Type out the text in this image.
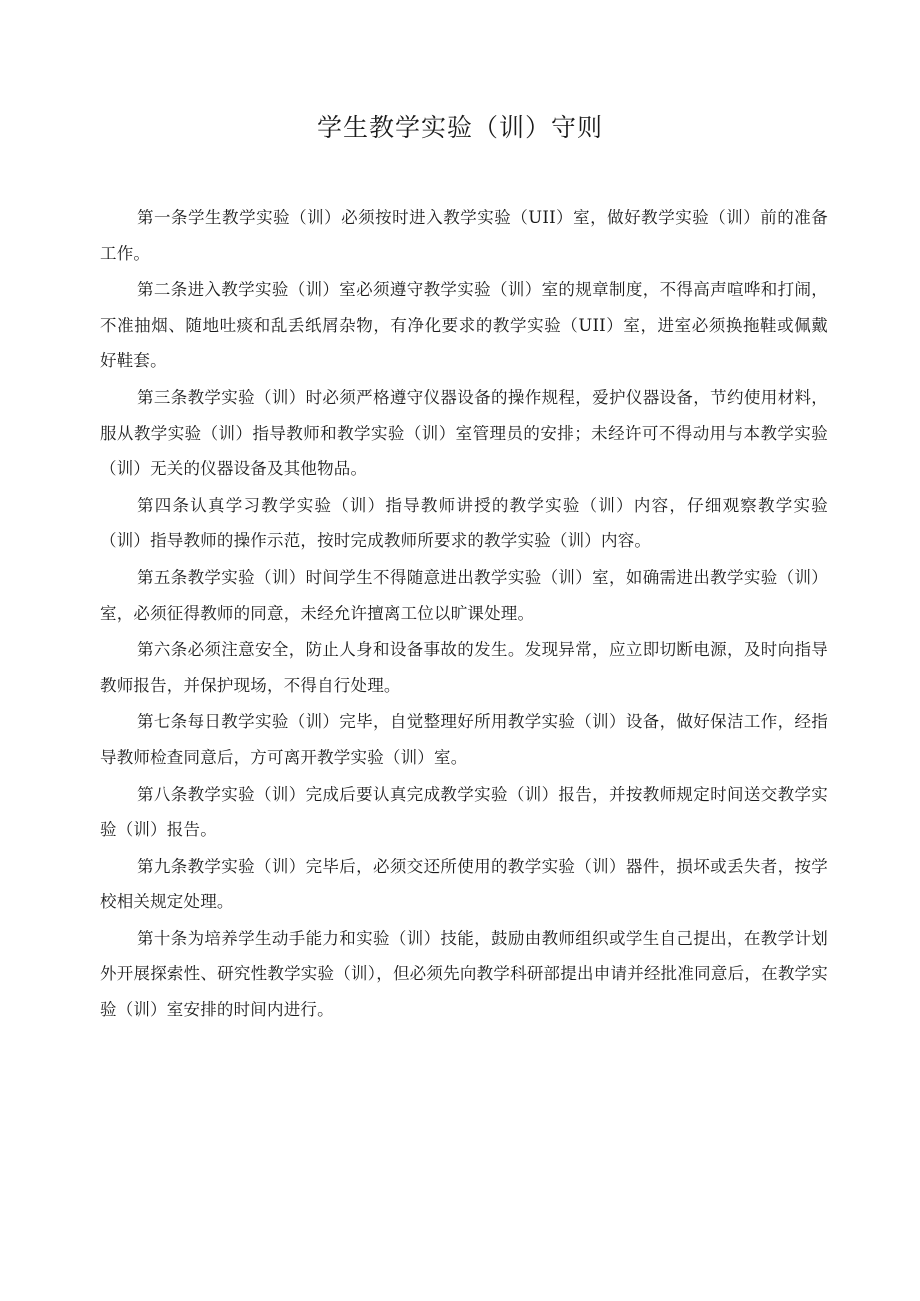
学生教学实验（训）守则

第一条学生教学实验（训）必须按时进入教学实验（UII）室，做好教学实验（训）前的准备工作。

第二条进入教学实验（训）室必须遵守教学实验（训）室的规章制度，不得高声喧哗和打闹，不准抽烟、随地吐痰和乱丢纸屑杂物，有净化要求的教学实验（UII）室，进室必须换拖鞋或佩戴好鞋套。

第三条教学实验（训）时必须严格遵守仪器设备的操作规程，爱护仪器设备，节约使用材料，服从教学实验（训）指导教师和教学实验（训）室管理员的安排；未经许可不得动用与本教学实验（训）无关的仪器设备及其他物品。

第四条认真学习教学实验（训）指导教师讲授的教学实验（训）内容，仔细观察教学实验（训）指导教师的操作示范，按时完成教师所要求的教学实验（训）内容。

第五条教学实验（训）时间学生不得随意进出教学实验（训）室，如确需进出教学实验（训）室，必须征得教师的同意，未经允许擅离工位以旷课处理。

第六条必须注意安全，防止人身和设备事故的发生。发现异常，应立即切断电源，及时向指导教师报告，并保护现场，不得自行处理。

第七条每日教学实验（训）完毕，自觉整理好所用教学实验（训）设备，做好保洁工作，经指导教师检查同意后，方可离开教学实验（训）室。

第八条教学实验（训）完成后要认真完成教学实验（训）报告，并按教师规定时间送交教学实验（训）报告。

第九条教学实验（训）完毕后，必须交还所使用的教学实验（训）器件，损坏或丢失者，按学校相关规定处理。

第十条为培养学生动手能力和实验（训）技能，鼓励由教师组织或学生自己提出，在教学计划外开展探索性、研究性教学实验（训），但必须先向教学科研部提出申请并经批准同意后，在教学实验（训）室安排的时间内进行。
